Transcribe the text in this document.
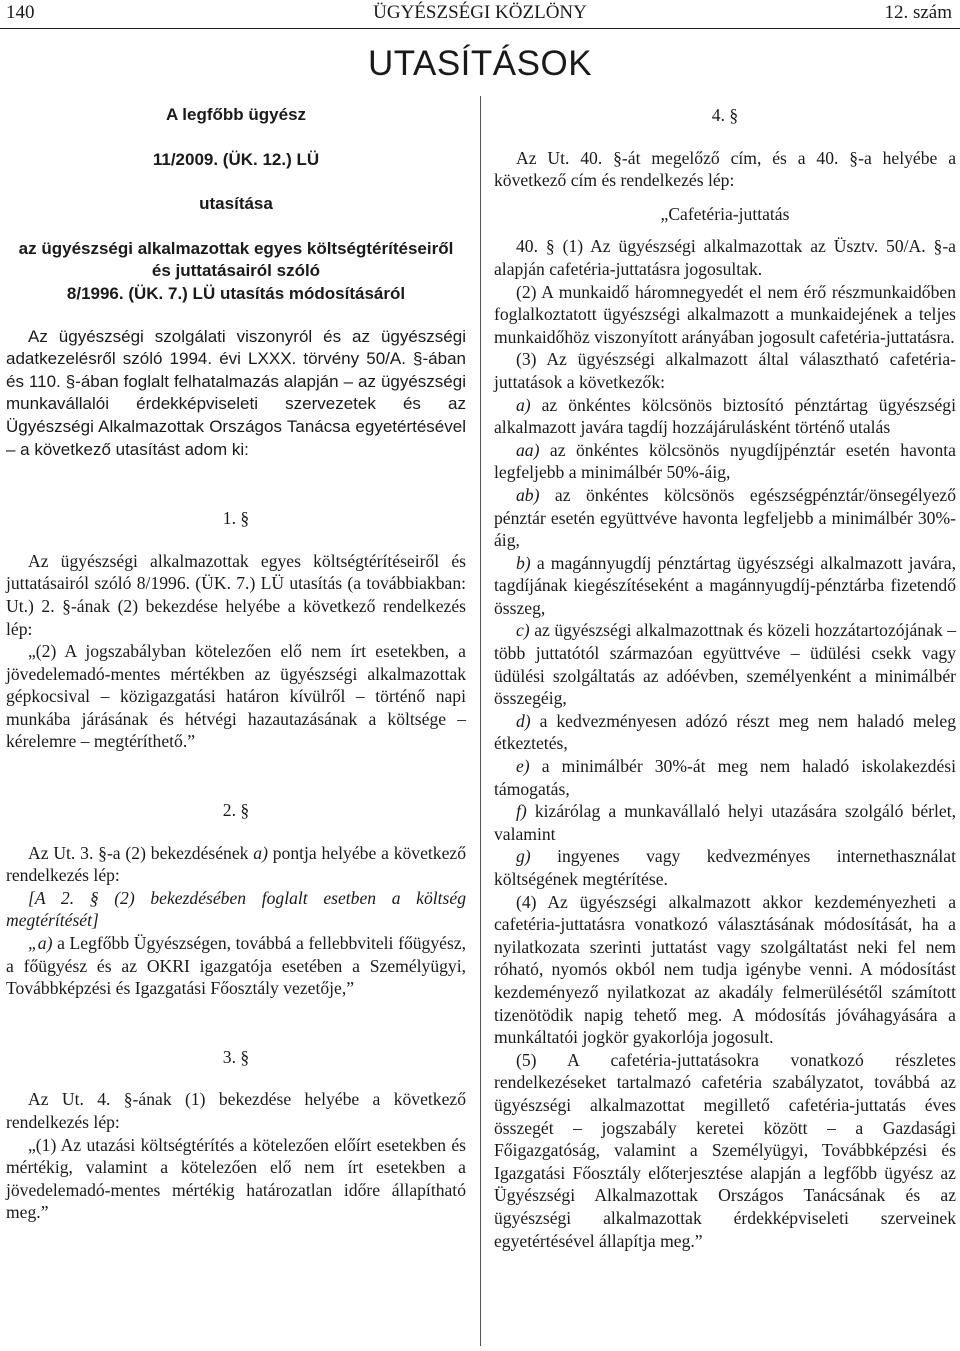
140	ÜGYÉSZSÉGI KÖZLÖNY	12. szám
UTASÍTÁSOK

A legfőbb ügyész

11/2009. (ÜK. 12.) LÜ

utasítása

az ügyészségi alkalmazottak egyes költségtérítéseiről

és juttatásairól szóló

8/1996. (ÜK. 7.) LÜ utasítás módosításáról

Az ügyészségi szolgálati viszonyról és az ügyészségi adatkezelésről szóló 1994. évi LXXX. törvény 50/A. §-ában és 110. §-ában foglalt felhatalmazás alapján – az ügyészségi munkavállalói érdekképviseleti szervezetek és az Ügyészségi Alkalmazottak Országos Tanácsa egyetértésével – a következő utasítást adom ki:

1. §

Az ügyészségi alkalmazottak egyes költségtérítéseiről és juttatásairól szóló 8/1996. (ÜK. 7.) LÜ utasítás (a továbbiakban: Ut.) 2. §-ának (2) bekezdése helyébe a következő rendelkezés lép:

„(2) A jogszabályban kötelezően elő nem írt esetekben, a jövedelemadó-mentes mértékben az ügyészségi alkalmazottak gépkocsival – közigazgatási határon kívülről – történő napi munkába járásának és hétvégi hazautazásának a költsége – kérelemre – megtéríthető.”

2. §

Az Ut. 3. §-a (2) bekezdésének a) pontja helyébe a következő rendelkezés lép:

[A 2. § (2) bekezdésében foglalt esetben a költség megtérítését]

„a) a Legfőbb Ügyészségen, továbbá a fellebbviteli főügyész, a főügyész és az OKRI igazgatója esetében a Személyügyi, Továbbképzési és Igazgatási Főosztály vezetője,”

3. §

Az Ut. 4. §-ának (1) bekezdése helyébe a következő rendelkezés lép:

„(1) Az utazási költségtérítés a kötelezően előírt esetekben és mértékig, valamint a kötelezően elő nem írt esetekben a jövedelemadó-mentes mértékig határozatlan időre állapítható meg.”

4. §

Az Ut. 40. §-át megelőző cím, és a 40. §-a helyébe a következő cím és rendelkezés lép:

„Cafetéria-juttatás

40. § (1) Az ügyészségi alkalmazottak az Üsztv. 50/A. §-a alapján cafetéria-juttatásra jogosultak.

(2) A munkaidő háromnegyedét el nem érő részmunkaidőben foglalkoztatott ügyészségi alkalmazott a munkaidejének a teljes munkaidőhöz viszonyított arányában jogosult cafetéria-juttatásra.

(3) Az ügyészségi alkalmazott által választható cafetéria-juttatások a következők:

a) az önkéntes kölcsönös biztosító pénztártag ügyészségi alkalmazott javára tagdíj hozzájárulásként történő utalás

aa) az önkéntes kölcsönös nyugdíjpénztár esetén havonta legfeljebb a minimálbér 50%-áig,

ab) az önkéntes kölcsönös egészségpénztár/önsegélyező pénztár esetén együttvéve havonta legfeljebb a minimálbér 30%-áig,

b) a magánnyugdíj pénztártag ügyészségi alkalmazott javára, tagdíjának kiegészítéseként a magánnyugdíj-pénztárba fizetendő összeg,

c) az ügyészségi alkalmazottnak és közeli hozzátartozójának – több juttatótól származóan együttvéve – üdülési csekk vagy üdülési szolgáltatás az adóévben, személyenként a minimálbér összegéig,

d) a kedvezményesen adózó részt meg nem haladó meleg étkeztetés,

e) a minimálbér 30%-át meg nem haladó iskolakezdési támogatás,

f) kizárólag a munkavállaló helyi utazására szolgáló bérlet, valamint

g) ingyenes vagy kedvezményes internethasználat költségének megtérítése.

(4) Az ügyészségi alkalmazott akkor kezdeményezheti a cafetéria-juttatásra vonatkozó választásának módosítását, ha a nyilatkozata szerinti juttatást vagy szolgáltatást neki fel nem róható, nyomós okból nem tudja igénybe venni. A módosítást kezdeményező nyilatkozat az akadály felmerülésétől számított tizenötödik napig tehető meg. A módosítás jóváhagyására a munkáltatói jogkör gyakorlója jogosult.

(5) A cafetéria-juttatásokra vonatkozó részletes rendelkezéseket tartalmazó cafetéria szabályzatot, továbbá az ügyészségi alkalmazottat megillető cafetéria-juttatás éves összegét – jogszabály keretei között – a Gazdasági Főigazgatóság, valamint a Személyügyi, Továbbképzési és Igazgatási Főosztály előterjesztése alapján a legfőbb ügyész az Ügyészségi Alkalmazottak Országos Tanácsának és az ügyészségi alkalmazottak érdekképviseleti szerveinek egyetértésével állapítja meg.”
